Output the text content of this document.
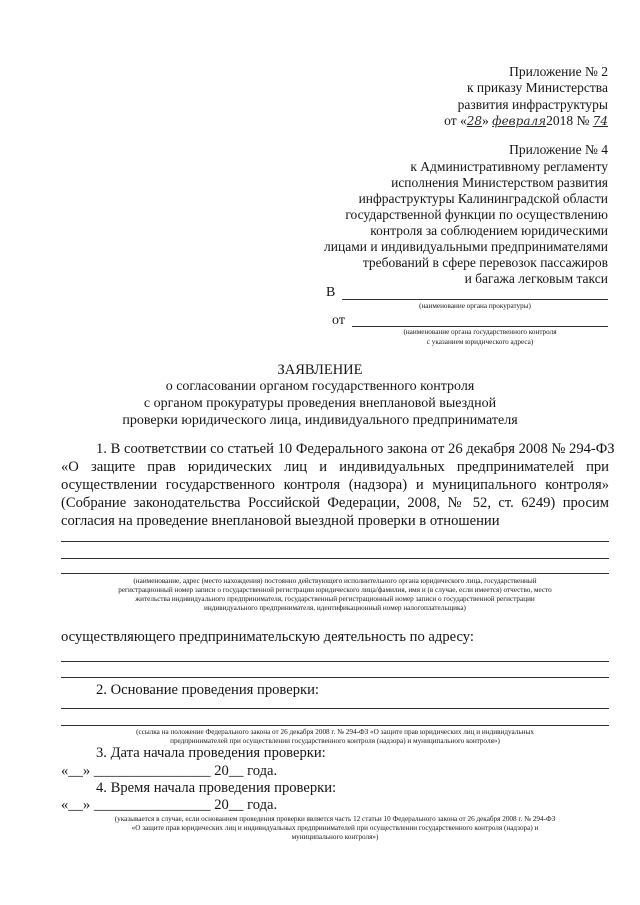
Приложение № 2
к приказу Министерства
развития инфраструктуры
от «28» февраля2018 № 74
Приложение № 4
к Административному регламенту
исполнения Министерством развития
инфраструктуры Калининградской области
государственной функции по осуществлению
контроля за соблюдением юридическими
лицами и индивидуальными предпринимателями
требований в сфере перевозок пассажиров
и багажа легковым такси
В
(наименование органа прокуратуры)
от
(наименование органа государственного контроля
с указанием юридического адреса)
ЗАЯВЛЕНИЕ
о согласовании органом государственного контроля
с органом прокуратуры проведения внеплановой выездной
проверки юридического лица, индивидуального предпринимателя
1. В соответствии со статьей 10 Федерального закона от 26 декабря 2008 № 294-ФЗ
«О защите прав юридических лиц и индивидуальных предпринимателей при
осуществлении государственного контроля (надзора) и муниципального контроля»
(Собрание законодательства Российской Федерации, 2008, № 52, ст. 6249) просим
согласия на проведение внеплановой выездной проверки в отношении
(наименование, адрес (место нахождения) постоянно действующего исполнительного органа юридического лица, государственный
регистрационный номер записи о государственной регистрации юридического лица/фамилия, имя и (в случае, если имеется) отчество, место
жительства индивидуального предпринимателя, государственный регистрационный номер записи о государственной регистрации
индивидуального предпринимателя, идентификационный номер налогоплательщика)
осуществляющего предпринимательскую деятельность по адресу:
2. Основание проведения проверки:
(ссылка на положение Федерального закона от 26 декабря 2008 г. № 294-ФЗ «О защите прав юридических лиц и индивидуальных
предпринимателей при осуществлении государственного контроля (надзора) и муниципального контроля»)
3. Дата начала проведения проверки:
«__» ________________ 20__ года.
4. Время начала проведения проверки:
«__» ________________ 20__ года.
(указывается в случае, если основанием проведения проверки является часть 12 статьи 10 Федерального закона от 26 декабря 2008 г. № 294-ФЗ
«О защите прав юридических лиц и индивидуальных предпринимателей при осуществлении государственного контроля (надзора) и
муниципального контроля»)
